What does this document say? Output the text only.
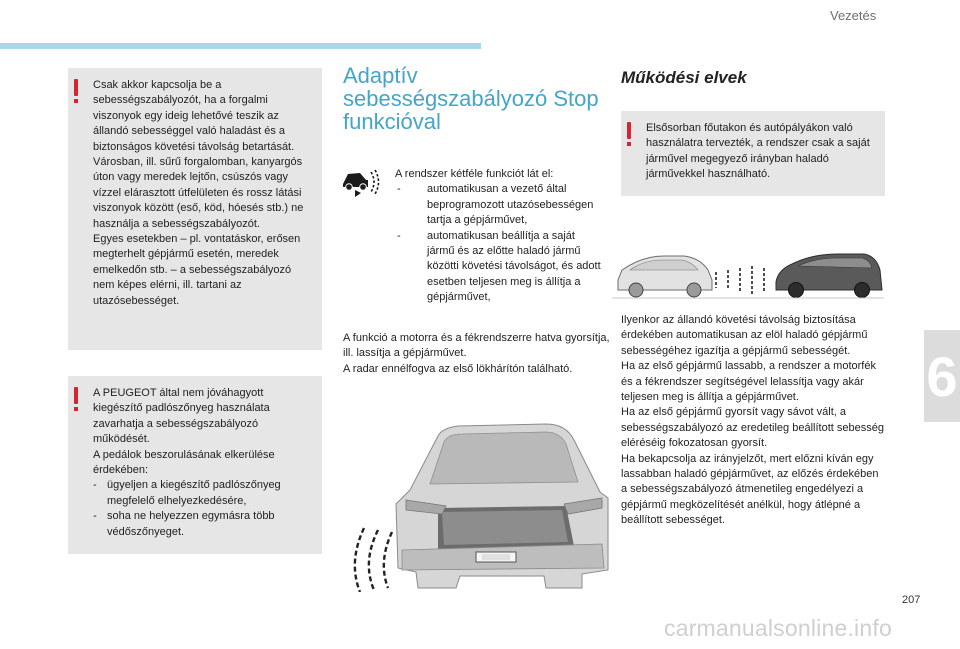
Vezetés

Csak akkor kapcsolja be a sebességszabályozót, ha a forgalmi viszonyok egy ideig lehetővé teszik az állandó sebességgel való haladást és a biztonságos követési távolság betartását.

Városban, ill. sűrű forgalomban, kanyargós úton vagy meredek lejtőn, csúszós vagy vízzel elárasztott útfelületen és rossz látási viszonyok között (eső, köd, hóesés stb.) ne használja a sebességszabályozót.

Egyes esetekben – pl. vontatáskor, erősen megterhelt gépjármű esetén, meredek emelkedőn stb. – a sebességszabályozó nem képes elérni, ill. tartani az utazósebességet.

A PEUGEOT által nem jóváhagyott kiegészítő padlószőnyeg használata zavarhatja a sebességszabályozó működését.

A pedálok beszorulásának elkerülése érdekében:

- ügyeljen a kiegészítő padlószőnyeg megfelelő elhelyezkedésére,
- soha ne helyezzen egymásra több védőszőnyeget.
Adaptív sebességszabályozó Stop funkcióval

A rendszer kétféle funkciót lát el:

- automatikusan a vezető által beprogramozott utazósebességen tartja a gépjárművet,
- automatikusan beállítja a saját jármű és az előtte haladó jármű közötti követési távolságot, és adott esetben teljesen meg is állítja a gépjárművet,

A funkció a motorra és a fékrendszerre hatva gyorsítja, ill. lassítja a gépjárművet.

A radar ennélfogva az első lökhárítón található.

Működési elvek

Elsősorban főutakon és autópályákon való használatra tervezték, a rendszer csak a saját járművel megegyező irányban haladó járművekkel használható.

Ilyenkor az állandó követési távolság biztosítása érdekében automatikusan az elöl haladó gépjármű sebességéhez igazítja a gépjármű sebességét.

Ha az első gépjármű lassabb, a rendszer a motorfék és a fékrendszer segítségével lelassítja vagy akár teljesen meg is állítja a gépjárművet.

Ha az első gépjármű gyorsít vagy sávot vált, a sebességszabályozó az eredetileg beállított sebesség eléréséig fokozatosan gyorsít.

Ha bekapcsolja az irányjelzőt, mert előzni kíván egy lassabban haladó gépjárművet, az előzés érdekében a sebességszabályozó átmenetileg engedélyezi a gépjármű megközelítését anélkül, hogy átlépné a beállított sebességet.

6
207
carmanualsonline.info
